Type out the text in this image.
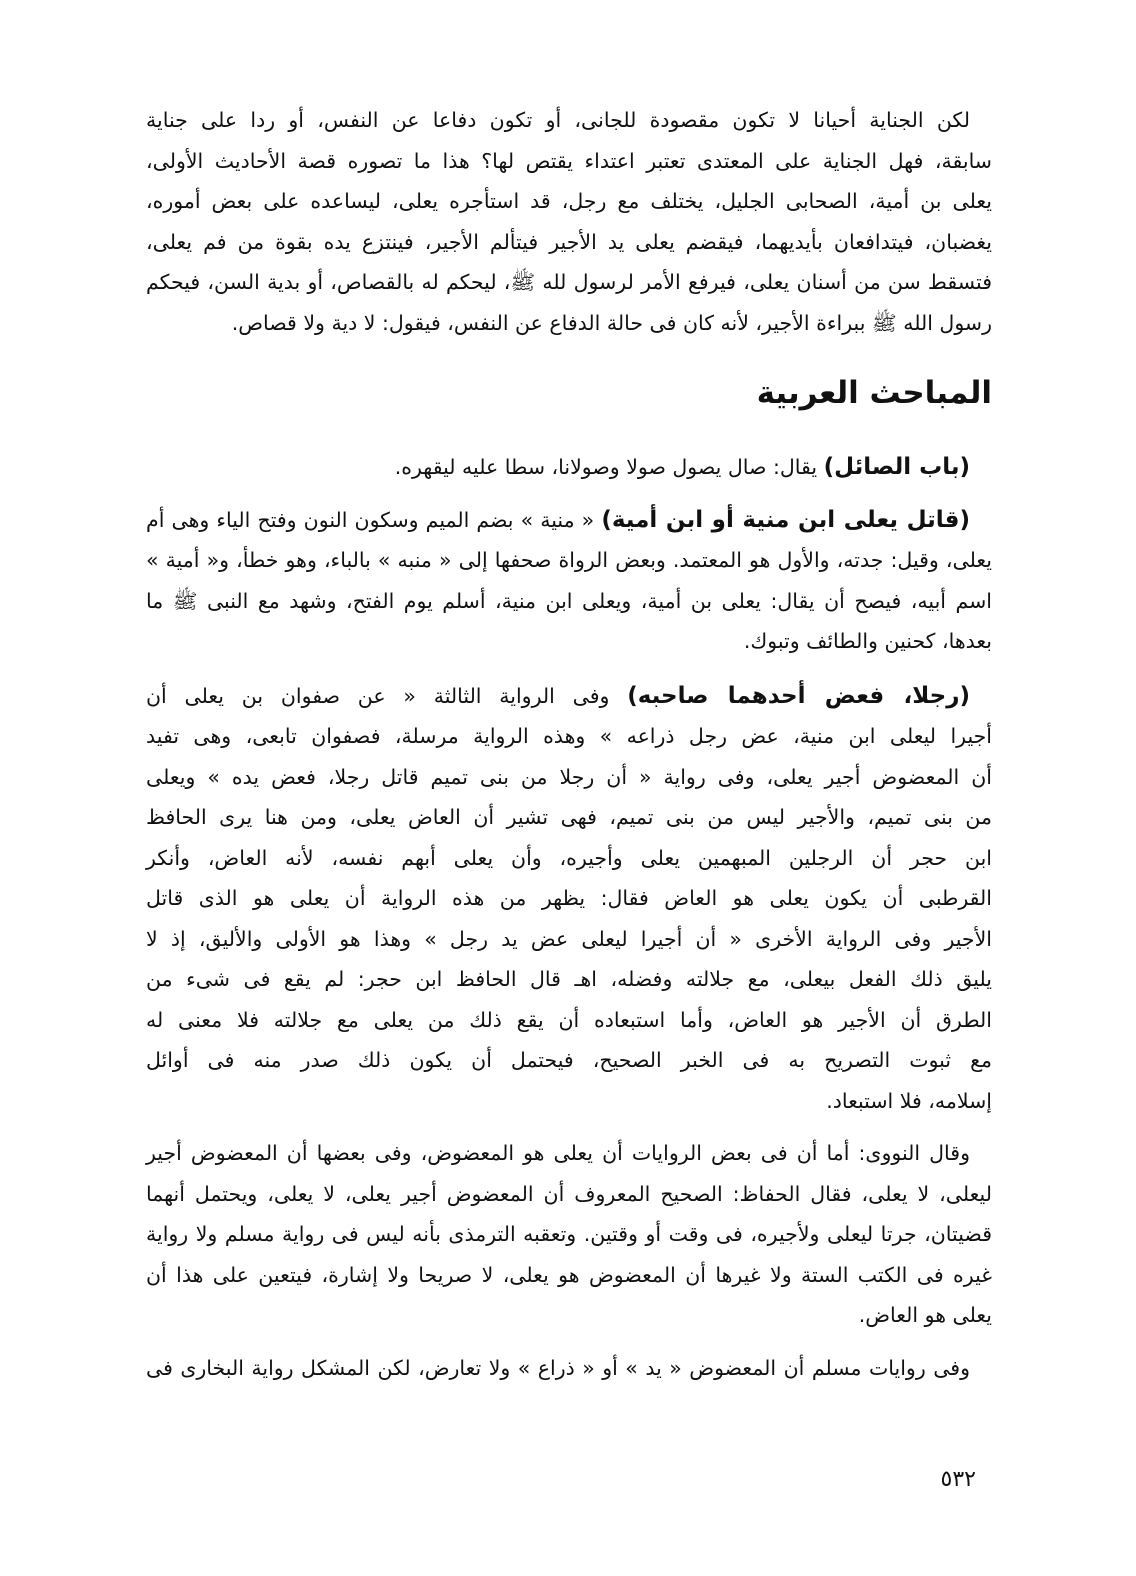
لكن الجناية أحيانا لا تكون مقصودة للجانى، أو تكون دفاعا عن النفس، أو ردا على جناية
سابقة، فهل الجناية على المعتدى تعتبر اعتداء يقتص لها؟ هذا ما تصوره قصة الأحاديث الأولى،
يعلى بن أمية، الصحابى الجليل، يختلف مع رجل، قد استأجره يعلى، ليساعده على بعض أموره،
يغضبان، فيتدافعان بأيديهما، فيقضم يعلى يد الأجير فيتألم الأجير، فينتزع يده بقوة من فم يعلى،
فتسقط سن من أسنان يعلى، فيرفع الأمر لرسول لله ﷺ، ليحكم له بالقصاص، أو بدية السن، فيحكم
رسول الله ﷺ ببراءة الأجير، لأنه كان فى حالة الدفاع عن النفس، فيقول: لا دية ولا قصاص.

المباحث العربية

(باب الصائل) يقال: صال يصول صولا وصولانا، سطا عليه ليقهره.

(قاتل يعلى ابن منية أو ابن أمية) « منية » بضم الميم وسكون النون وفتح الياء وهى أم
يعلى، وقيل: جدته، والأول هو المعتمد. وبعض الرواة صحفها إلى « منبه » بالباء، وهو خطأ، و« أمية »
اسم أبيه، فيصح أن يقال: يعلى بن أمية، ويعلى ابن منية، أسلم يوم الفتح، وشهد مع النبى ﷺ ما
بعدها، كحنين والطائف وتبوك.

(رجلا، فعض أحدهما صاحبه) وفى الرواية الثالثة « عن صفوان بن يعلى أن
أجيرا ليعلى ابن منية، عض رجل ذراعه » وهذه الرواية مرسلة، فصفوان تابعى، وهى تفيد
أن المعضوض أجير يعلى، وفى رواية « أن رجلا من بنى تميم قاتل رجلا، فعض يده » ويعلى
من بنى تميم، والأجير ليس من بنى تميم، فهى تشير أن العاض يعلى، ومن هنا يرى الحافظ
ابن حجر أن الرجلين المبهمين يعلى وأجيره، وأن يعلى أبهم نفسه، لأنه العاض، وأنكر
القرطبى أن يكون يعلى هو العاض فقال: يظهر من هذه الرواية أن يعلى هو الذى قاتل
الأجير وفى الرواية الأخرى « أن أجيرا ليعلى عض يد رجل » وهذا هو الأولى والأليق، إذ لا
يليق ذلك الفعل بيعلى، مع جلالته وفضله، اهـ قال الحافظ ابن حجر: لم يقع فى شىء من
الطرق أن الأجير هو العاض، وأما استبعاده أن يقع ذلك من يعلى مع جلالته فلا معنى له
مع ثبوت التصريح به فى الخبر الصحيح، فيحتمل أن يكون ذلك صدر منه فى أوائل
إسلامه، فلا استبعاد.

وقال النووى: أما أن فى بعض الروايات أن يعلى هو المعضوض، وفى بعضها أن المعضوض أجير
ليعلى، لا يعلى، فقال الحفاظ: الصحيح المعروف أن المعضوض أجير يعلى، لا يعلى، ويحتمل أنهما
قضيتان، جرتا ليعلى ولأجيره، فى وقت أو وقتين. وتعقبه الترمذى بأنه ليس فى رواية مسلم ولا رواية
غيره فى الكتب الستة ولا غيرها أن المعضوض هو يعلى، لا صريحا ولا إشارة، فيتعين على هذا أن
يعلى هو العاض.

وفى روايات مسلم أن المعضوض « يد » أو « ذراع » ولا تعارض، لكن المشكل رواية البخارى فى

٥٣٢
